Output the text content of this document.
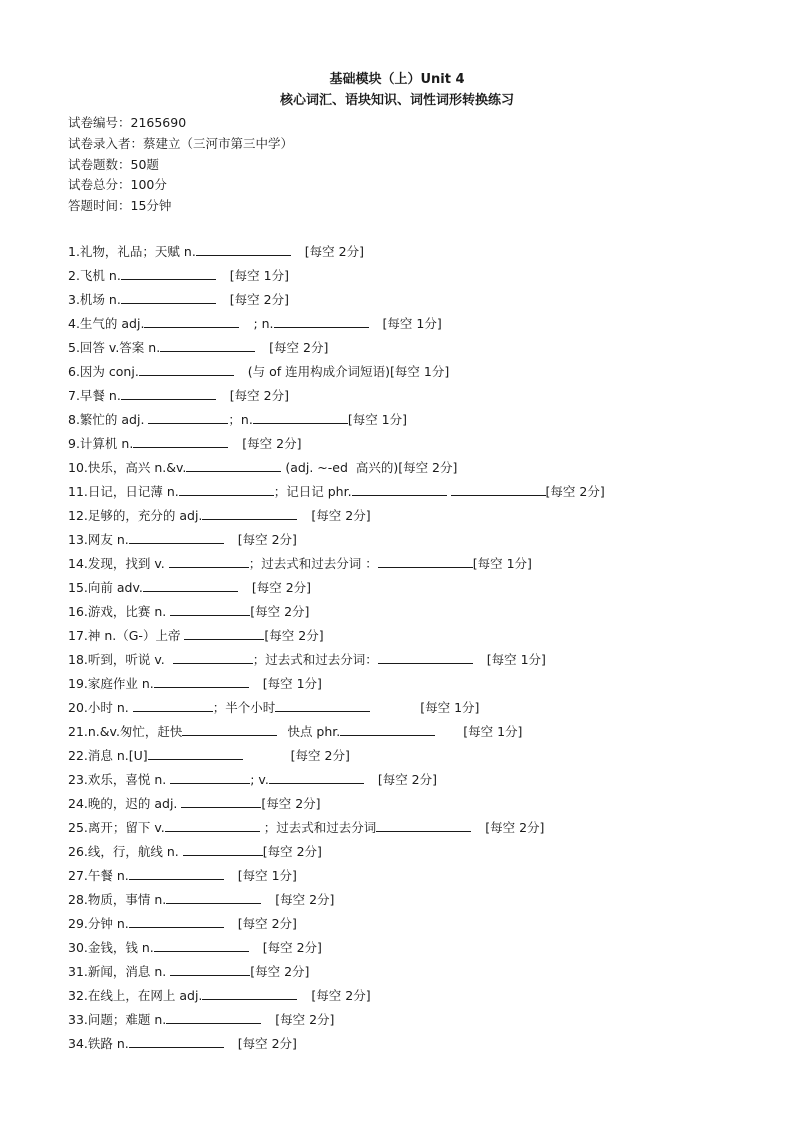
基础模块（上）Unit 4
核心词汇、语块知识、词性词形转换练习
试卷编号：2165690
试卷录入者：蔡建立（三河市第三中学）
试卷题数：50题
试卷总分：100分
答题时间：15分钟
1.礼物，礼品；天赋 n.	[每空 2分]
2.飞机 n.	[每空 1分]
3.机场 n.	[每空 2分]
4.生气的 adj.	; n.	[每空 1分]
5.回答 v.答案 n.	[每空 2分]
6.因为 conj.	(与 of 连用构成介词短语)[每空 1分]
7.早餐 n.	[每空 2分]
8.繁忙的 adj.	；n.	[每空 1分]
9.计算机 n.	[每空 2分]
10.快乐，高兴 n.&v.	(adj. ~-ed  高兴的)[每空 2分]
11.日记，日记薄 n.	；记日记 phr.	[每空 2分]
12.足够的，充分的 adj.	[每空 2分]
13.网友 n.	[每空 2分]
14.发现，找到 v.	；过去式和过去分词 ：	[每空 1分]
15.向前 adv.	[每空 2分]
16.游戏，比赛 n.	[每空 2分]
17.神 n.（G-）上帝	[每空 2分]
18.听到，听说 v.	；过去式和过去分词：	[每空 1分]
19.家庭作业 n.	[每空 1分]
20.小时 n.	；半个小时	[每空 1分]
21.n.&v.匆忙，赶快	快点 phr.	[每空 1分]
22.消息 n.[U]	[每空 2分]
23.欢乐，喜悦 n.	; v.	[每空 2分]
24.晚的，迟的 adj.	[每空 2分]
25.离开；留下 v.	；过去式和过去分词	[每空 2分]
26.线，行，航线 n.	[每空 2分]
27.午餐 n.	[每空 1分]
28.物质，事情 n.	[每空 2分]
29.分钟 n.	[每空 2分]
30.金钱，钱 n.	[每空 2分]
31.新闻，消息 n.	[每空 2分]
32.在线上，在网上 adj.	[每空 2分]
33.问题；难题 n.	[每空 2分]
34.铁路 n.	[每空 2分]
